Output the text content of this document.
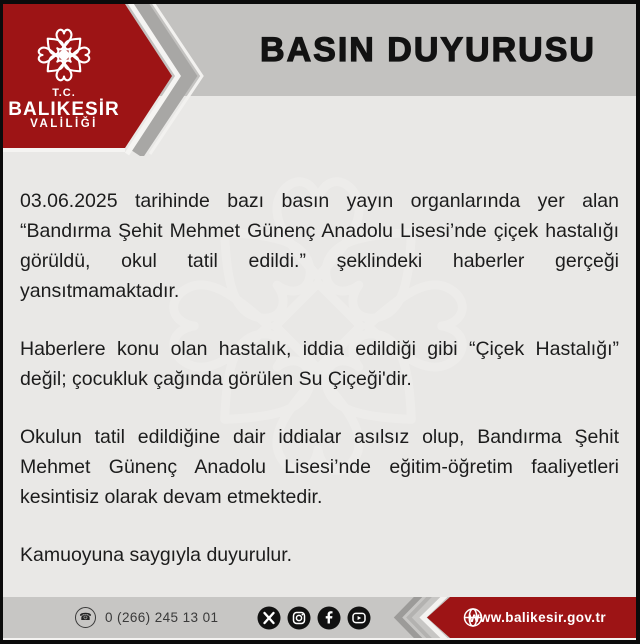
BASIN DUYURUSU

03.06.2025 tarihinde bazı basın yayın organlarında yer alan “Bandırma Şehit Mehmet Günenç Anadolu Lisesi’nde çiçek hastalığı görüldü, okul tatil edildi.” şeklindeki haberler gerçeği yansıtmamaktadır.

Haberlere konu olan hastalık, iddia edildiği gibi “Çiçek Hastalığı” değil; çocukluk çağında görülen Su Çiçeği'dir.

Okulun tatil edildiğine dair iddialar asılsız olup, Bandırma Şehit Mehmet Günenç Anadolu Lisesi’nde eğitim-öğretim faaliyetleri kesintisiz olarak devam etmektedir.

Kamuoyuna saygıyla duyurulur.

T.C.
BALIKESİR
VALİLİĞİ
☎ 0 (266) 245 13 01	www.balikesir.gov.tr
